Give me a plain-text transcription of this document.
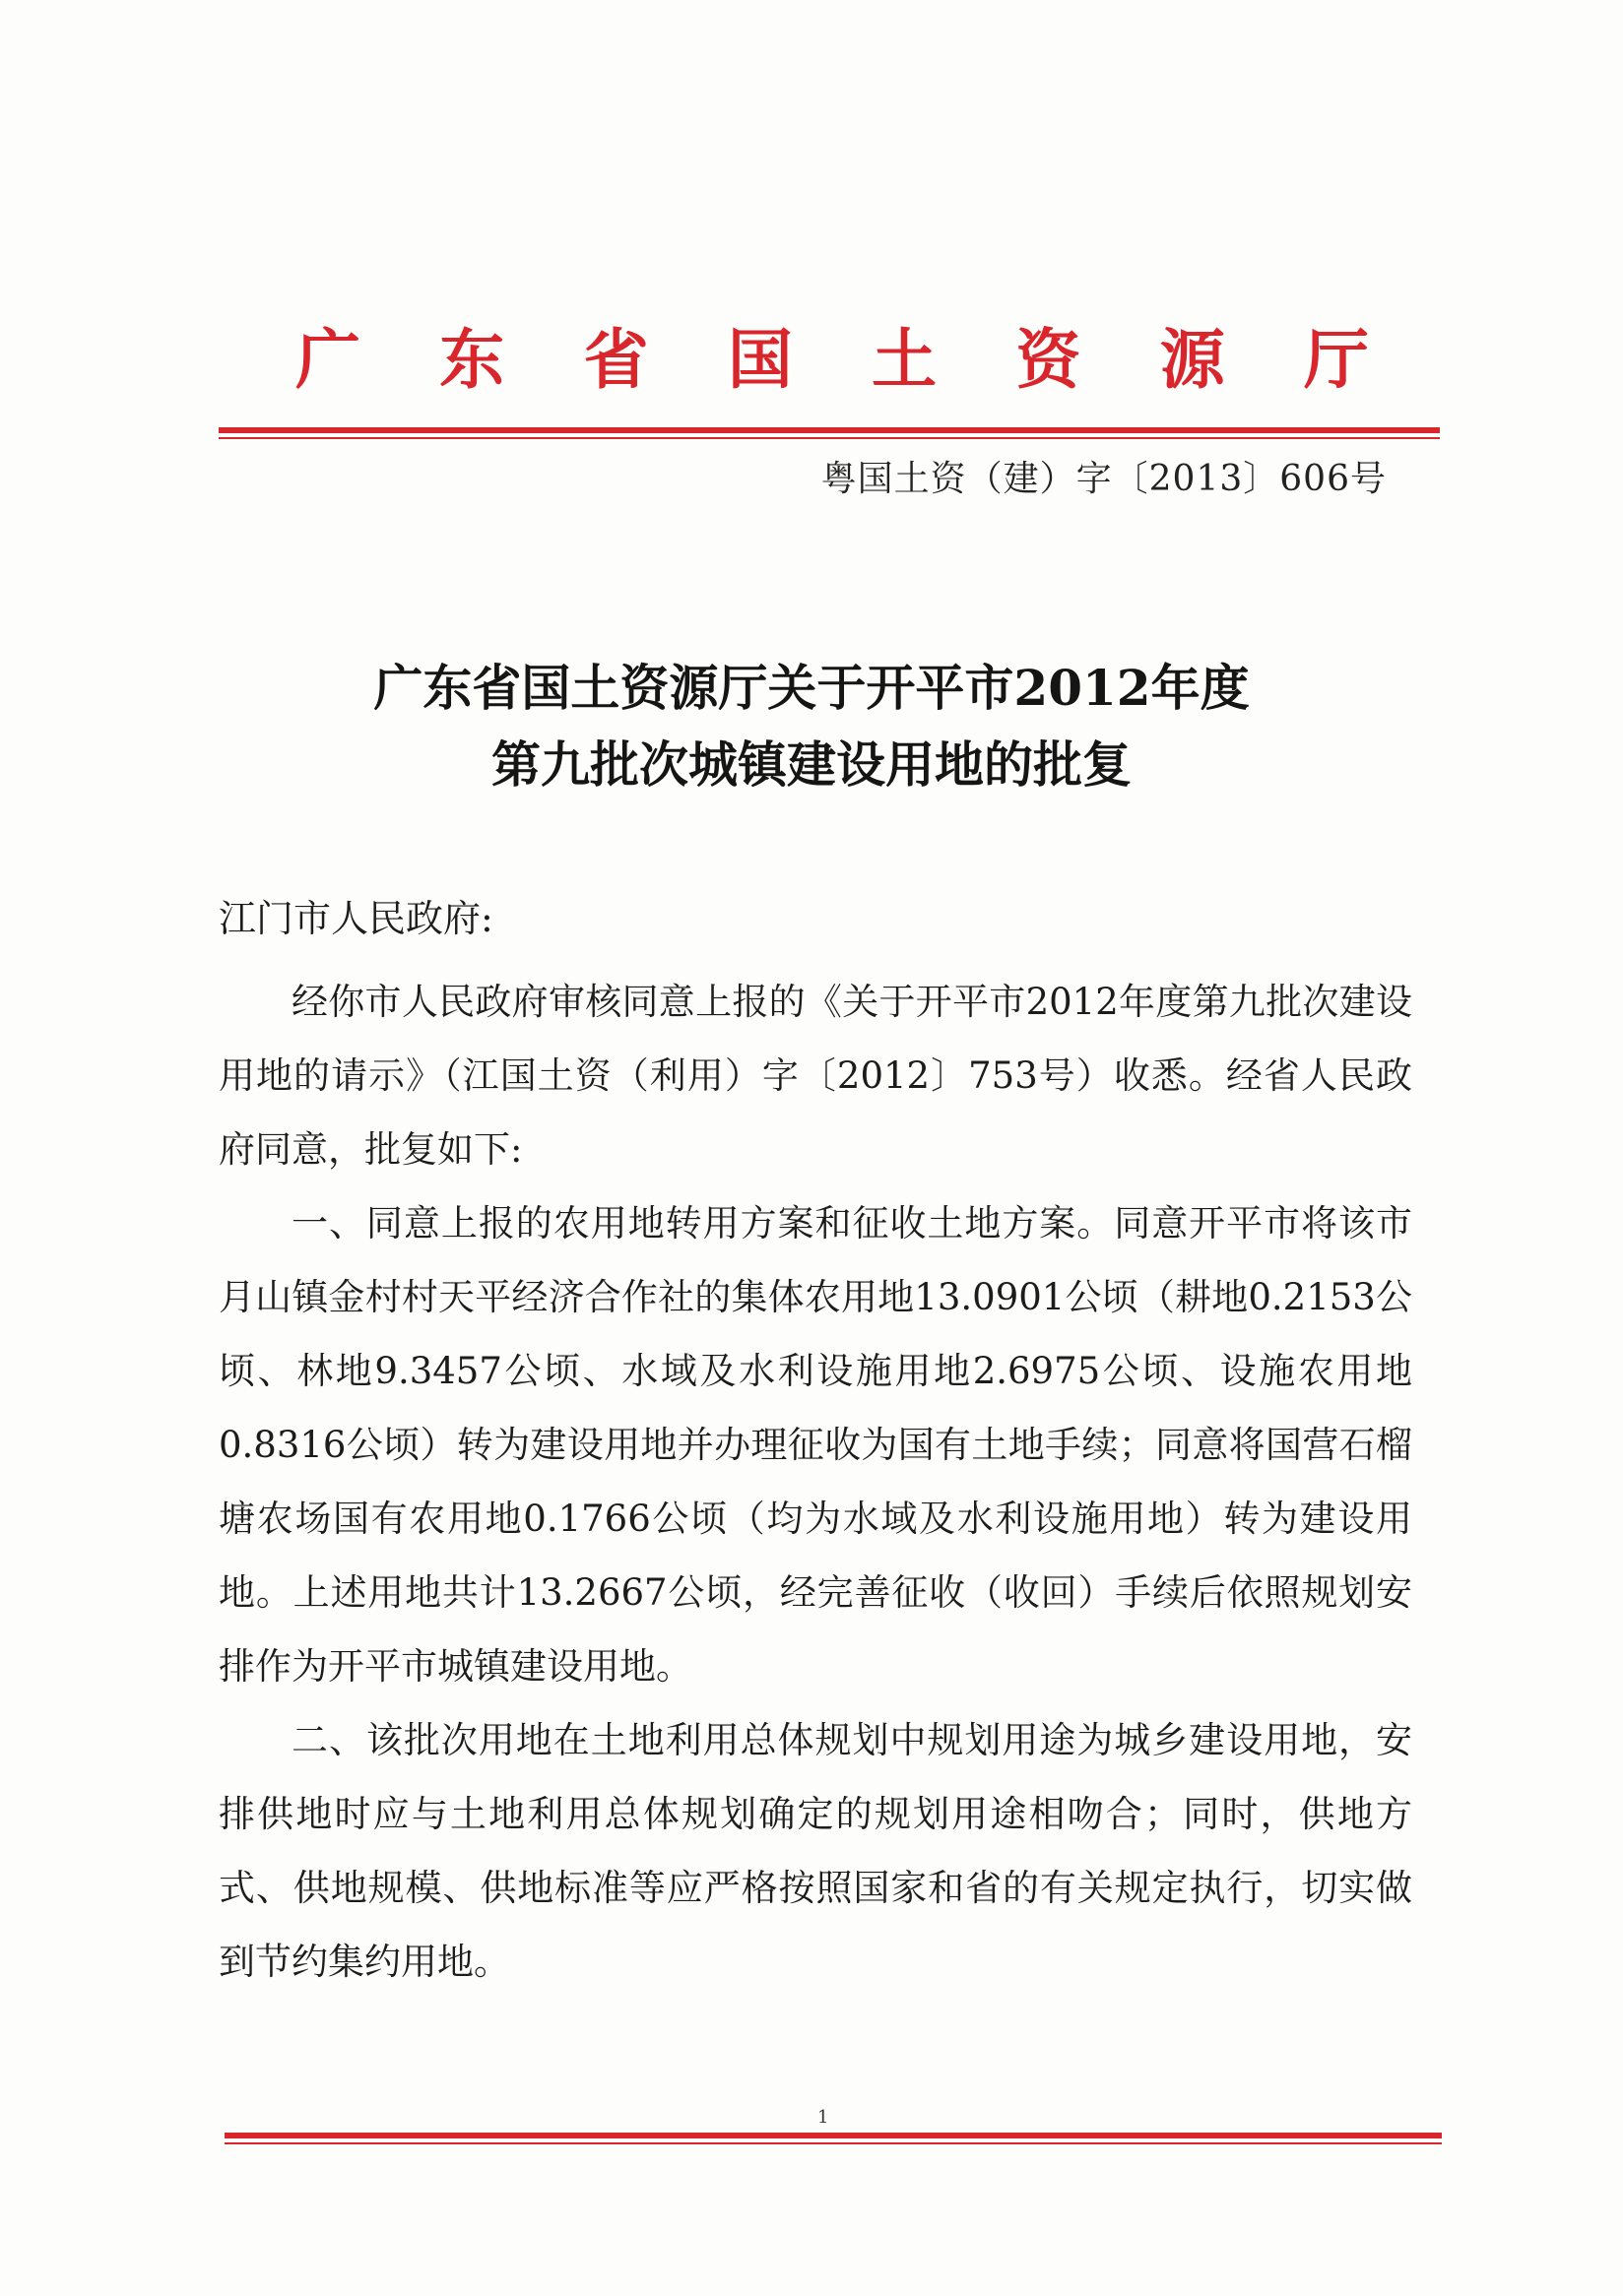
广 东 省 国 土 资 源 厅

粤国土资（建）字〔2013〕606号

广东省国土资源厅关于开平市2012年度
第九批次城镇建设用地的批复

江门市人民政府:

经你市人民政府审核同意上报的《关于开平市2012年度第九批次建设用地的请示》（江国土资（利用）字〔2012〕753号）收悉。经省人民政府同意，批复如下:

一、同意上报的农用地转用方案和征收土地方案。同意开平市将该市月山镇金村村天平经济合作社的集体农用地13.0901公顷（耕地0.2153公顷、林地9.3457公顷、水域及水利设施用地2.6975公顷、设施农用地0.8316公顷）转为建设用地并办理征收为国有土地手续；同意将国营石榴塘农场国有农用地0.1766公顷（均为水域及水利设施用地）转为建设用地。上述用地共计13.2667公顷，经完善征收（收回）手续后依照规划安排作为开平市城镇建设用地。

二、该批次用地在土地利用总体规划中规划用途为城乡建设用地，安排供地时应与土地利用总体规划确定的规划用途相吻合；同时，供地方式、供地规模、供地标准等应严格按照国家和省的有关规定执行，切实做到节约集约用地。

1
